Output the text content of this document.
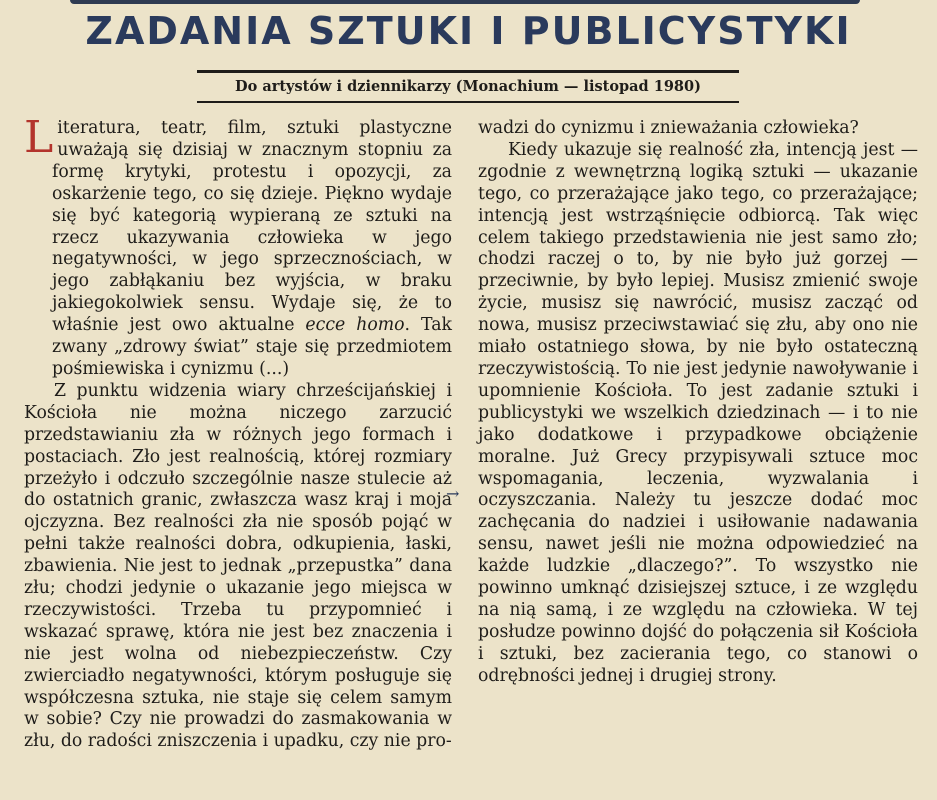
ZADANIA SZTUKI I PUBLICYSTYKI
Do artystów i dziennikarzy (Monachium — listopad 1980)

Literatura, teatr, film, sztuki plastyczne uważają się dzisiaj w znacznym stopniu za formę krytyki, protestu i opozycji, za oskarżenie tego, co się dzieje. Piękno wydaje się być kategorią wypieraną ze sztuki na rzecz ukazywania człowieka w jego negatywności, w jego sprzecznościach, w jego zabłąkaniu bez wyjścia, w braku jakiegokolwiek sensu. Wydaje się, że to właśnie jest owo aktualne ecce homo. Tak zwany „zdrowy świat” staje się przedmiotem pośmiewiska i cynizmu (...)

Z punktu widzenia wiary chrześcijańskiej i Kościoła nie można niczego zarzucić przedstawianiu zła w różnych jego formach i postaciach. Zło jest realnością, której rozmiary przeżyło i odczuło szczególnie nasze stulecie aż do ostatnich granic, zwłaszcza wasz kraj i moja ojczyzna. Bez realności zła nie sposób pojąć w pełni także realności dobra, odkupienia, łaski, zbawienia. Nie jest to jednak „przepustka” dana złu; chodzi jedynie o ukazanie jego miejsca w rzeczywistości. Trzeba tu przypomnieć i wskazać sprawę, która nie jest bez znaczenia i nie jest wolna od niebezpieczeństw. Czy zwierciadło negatywności, którym posługuje się współczesna sztuka, nie staje się celem samym w sobie? Czy nie prowadzi do zasmakowania w złu, do radości zniszczenia i upadku, czy nie pro-

→

wadzi do cynizmu i znieważania człowieka?

Kiedy ukazuje się realność zła, intencją jest — zgodnie z wewnętrzną logiką sztuki — ukazanie tego, co przerażające jako tego, co przerażające; intencją jest wstrząśnięcie odbiorcą. Tak więc celem takiego przedstawienia nie jest samo zło; chodzi raczej o to, by nie było już gorzej — przeciwnie, by było lepiej. Musisz zmienić swoje życie, musisz się nawrócić, musisz zacząć od nowa, musisz przeciwstawiać się złu, aby ono nie miało ostatniego słowa, by nie było ostateczną rzeczywistością. To nie jest jedynie nawoływanie i upomnienie Kościoła. To jest zadanie sztuki i publicystyki we wszelkich dziedzinach — i to nie jako dodatkowe i przypadkowe obciążenie moralne. Już Grecy przypisywali sztuce moc wspomagania, leczenia, wyzwalania i oczyszczania. Należy tu jeszcze dodać moc zachęcania do nadziei i usiłowanie nadawania sensu, nawet jeśli nie można odpowiedzieć na każde ludzkie „dlaczego?”. To wszystko nie powinno umknąć dzisiejszej sztuce, i ze względu na nią samą, i ze względu na człowieka. W tej posłudze powinno dojść do połączenia sił Kościoła i sztuki, bez zacierania tego, co stanowi o odrębności jednej i drugiej strony.
